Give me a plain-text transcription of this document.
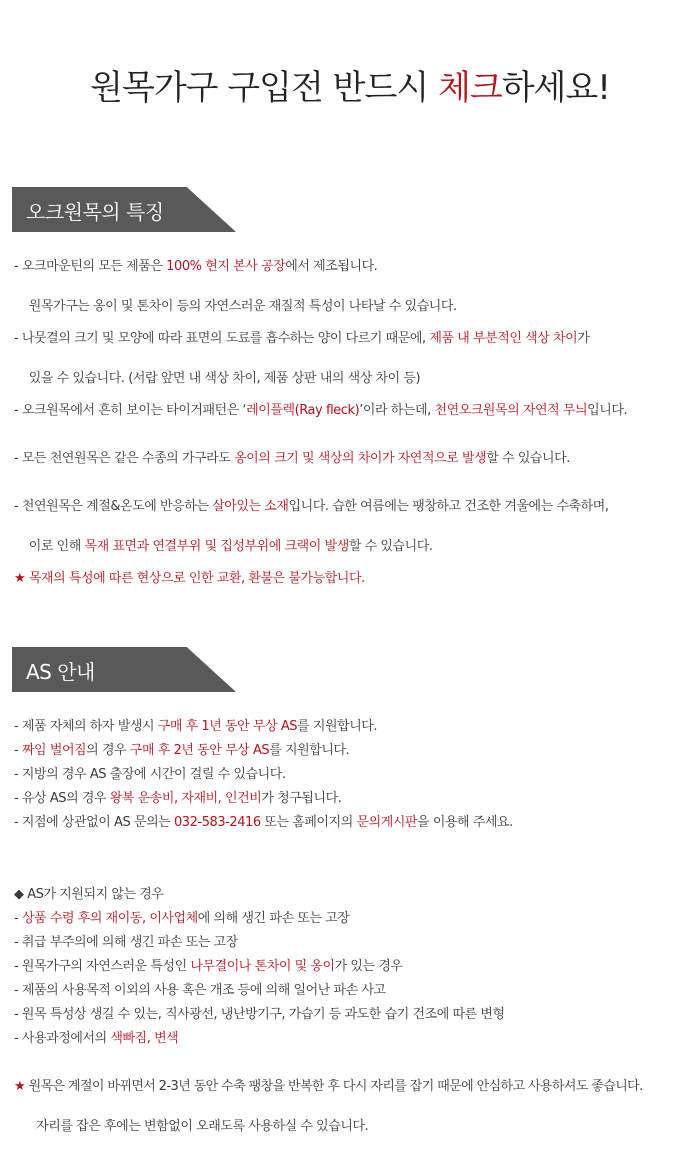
원목가구 구입전 반드시 체크하세요!
오크원목의 특징
- 오크마운틴의 모든 제품은 100% 현지 본사 공장에서 제조됩니다.

원목가구는 옹이 및 톤차이 등의 자연스러운 재질적 특성이 나타날 수 있습니다.

- 나뭇결의 크기 및 모양에 따라 표면의 도료를 흡수하는 양이 다르기 때문에, 제품 내 부분적인 색상 차이가

있을 수 있습니다. (서랍 앞면 내 색상 차이, 제품 상판 내의 색상 차이 등)

- 오크원목에서 흔히 보이는 타이거패턴은 ‘레이플렉(Ray fleck)’이라 하는데, 천연오크원목의 자연적 무늬입니다.
- 모든 천연원목은 같은 수종의 가구라도 옹이의 크기 및 색상의 차이가 자연적으로 발생할 수 있습니다.
- 천연원목은 계절&온도에 반응하는 살아있는 소재입니다. 습한 여름에는 팽창하고 건조한 겨울에는 수축하며,

이로 인해 목재 표면과 연결부위 및 집성부위에 크랙이 발생할 수 있습니다.

★ 목재의 특성에 따른 현상으로 인한 교환, 환불은 불가능합니다.
AS 안내
- 제품 자체의 하자 발생시 구매 후 1년 동안 무상 AS를 지원합니다.
- 짜임 벌어짐의 경우 구매 후 2년 동안 무상 AS를 지원합니다.
- 지방의 경우 AS 출장에 시간이 걸릴 수 있습니다.
- 유상 AS의 경우 왕복 운송비, 자재비, 인건비가 청구됩니다.
- 지점에 상관없이 AS 문의는 032-583-2416 또는 홈페이지의 문의게시판을 이용해 주세요.
◆ AS가 지원되지 않는 경우
- 상품 수령 후의 재이동, 이사업체에 의해 생긴 파손 또는 고장
- 취급 부주의에 의해 생긴 파손 또는 고장
- 원목가구의 자연스러운 특성인 나무결이나 톤차이 및 옹이가 있는 경우
- 제품의 사용목적 이외의 사용 혹은 개조 등에 의해 일어난 파손 사고
- 원목 특성상 생길 수 있는, 직사광선, 냉난방기구, 가습기 등 과도한 습기 건조에 따른 변형
- 사용과정에서의 색빠짐, 변색
★ 원목은 계절이 바뀌면서 2-3년 동안 수축 팽창을 반복한 후 다시 자리를 잡기 때문에 안심하고 사용하셔도 좋습니다.

자리를 잡은 후에는 변함없이 오래도록 사용하실 수 있습니다.
